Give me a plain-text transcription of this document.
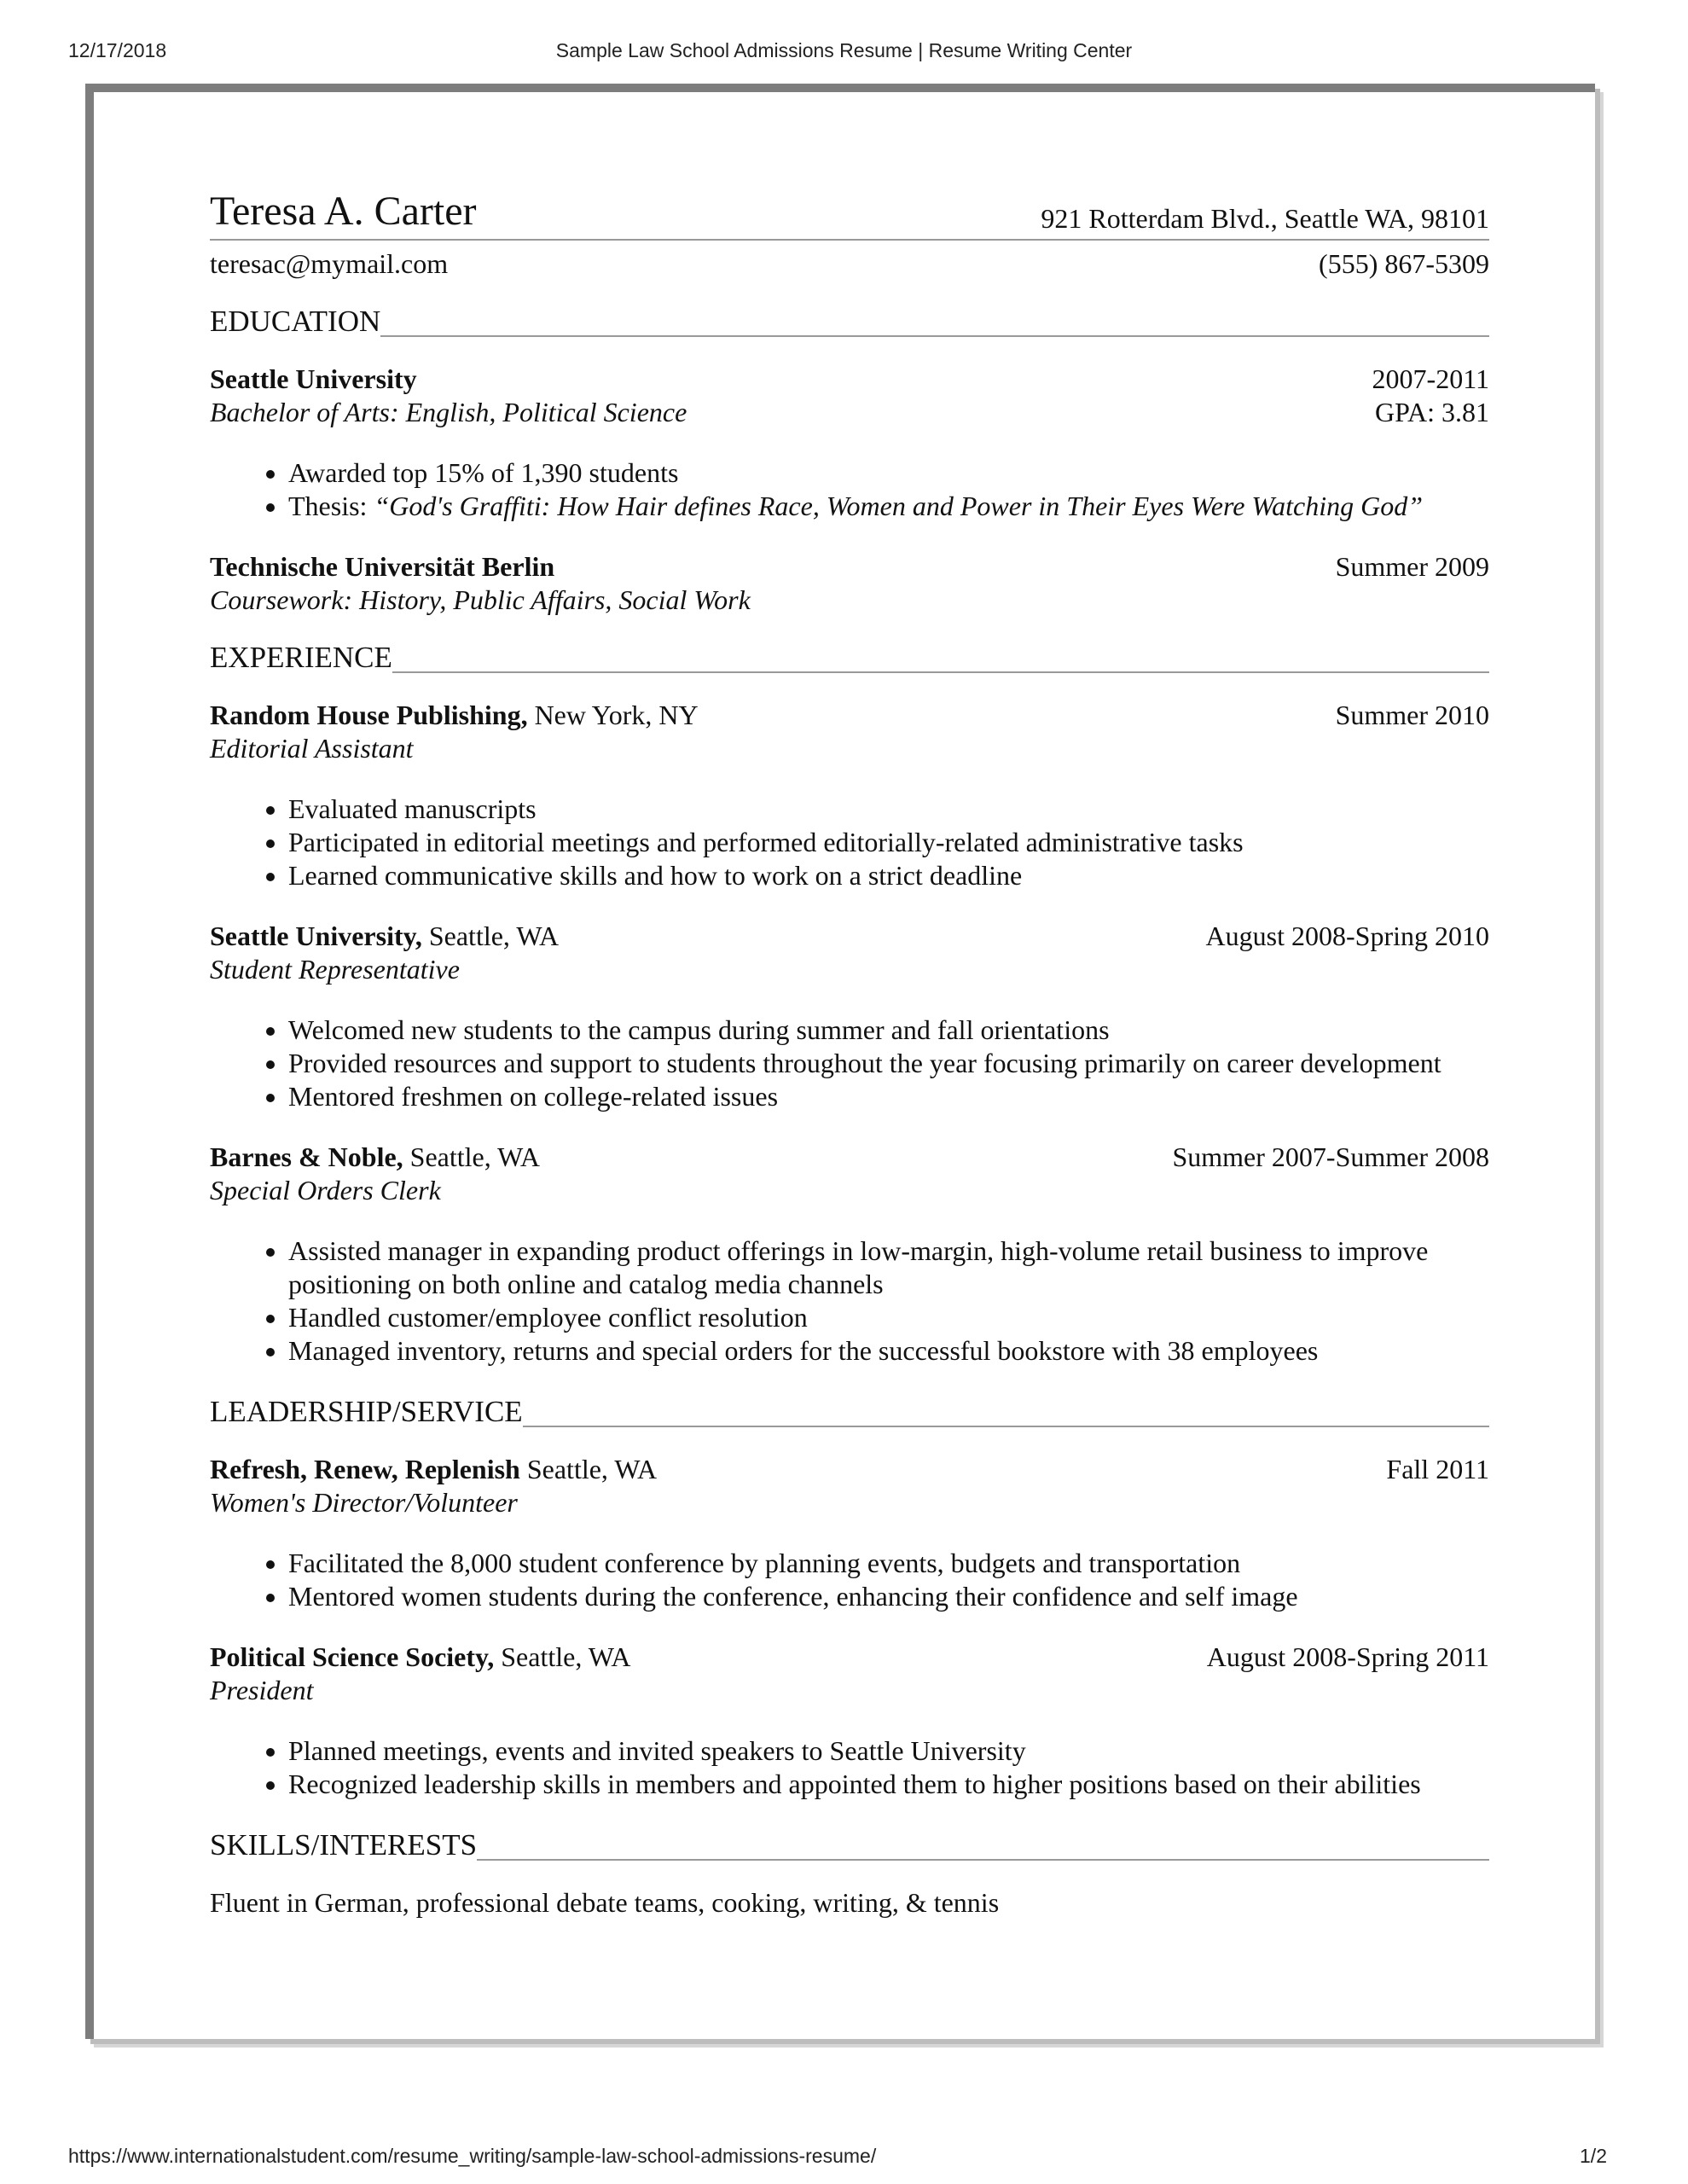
12/17/2018	Sample Law School Admissions Resume | Resume Writing Center
Teresa A. Carter	921 Rotterdam Blvd., Seattle WA, 98101
teresac@mymail.com	(555) 867-5309
EDUCATION
Seattle University	2007-2011
Bachelor of Arts: English, Political Science	GPA: 3.81
• Awarded top 15% of 1,390 students
• Thesis: “God's Graffiti: How Hair defines Race, Women and Power in Their Eyes Were Watching God”
Technische Universität Berlin	Summer 2009
Coursework: History, Public Affairs, Social Work
EXPERIENCE
Random House Publishing, New York, NY	Summer 2010
Editorial Assistant
• Evaluated manuscripts
• Participated in editorial meetings and performed editorially-related administrative tasks
• Learned communicative skills and how to work on a strict deadline
Seattle University, Seattle, WA	August 2008-Spring 2010
Student Representative
• Welcomed new students to the campus during summer and fall orientations
• Provided resources and support to students throughout the year focusing primarily on career development
• Mentored freshmen on college-related issues
Barnes & Noble, Seattle, WA	Summer 2007-Summer 2008
Special Orders Clerk
• Assisted manager in expanding product offerings in low-margin, high-volume retail business to improve positioning on both online and catalog media channels
• Handled customer/employee conflict resolution
• Managed inventory, returns and special orders for the successful bookstore with 38 employees
LEADERSHIP/SERVICE
Refresh, Renew, Replenish Seattle, WA	Fall 2011
Women's Director/Volunteer
• Facilitated the 8,000 student conference by planning events, budgets and transportation
• Mentored women students during the conference, enhancing their confidence and self image
Political Science Society, Seattle, WA	August 2008-Spring 2011
President
• Planned meetings, events and invited speakers to Seattle University
• Recognized leadership skills in members and appointed them to higher positions based on their abilities
SKILLS/INTERESTS
Fluent in German, professional debate teams, cooking, writing, & tennis
https://www.internationalstudent.com/resume_writing/sample-law-school-admissions-resume/	1/2
